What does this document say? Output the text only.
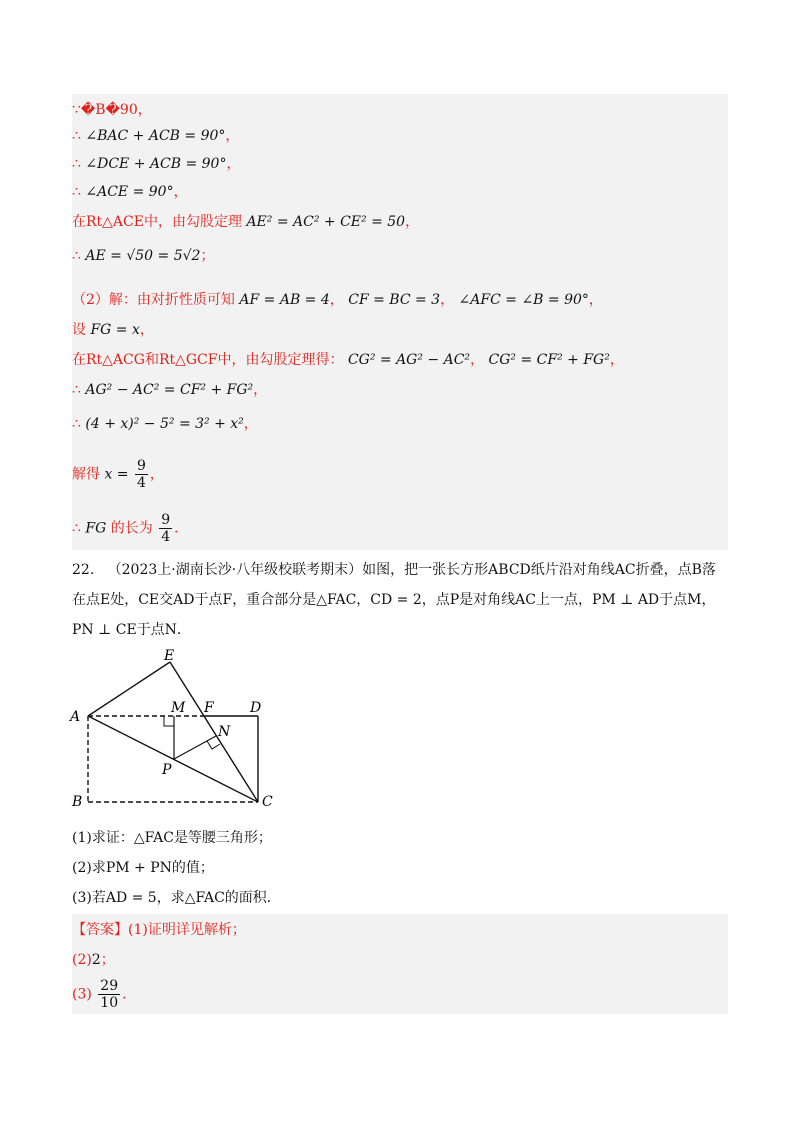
∵�B�90，
∴ ∠BAC + ACB = 90°，
∴ ∠DCE + ACB = 90°，
∴ ∠ACE = 90°，
在Rt△ACE中，由勾股定理 AE² = AC² + CE² = 50，
∴ AE = √50 = 5√2；
（2）解：由对折性质可知 AF = AB = 4， CF = BC = 3， ∠AFC = ∠B = 90°，
设 FG = x，
在Rt△ACG和Rt△GCF中，由勾股定理得： CG² = AG² − AC²， CG² = CF² + FG²，
∴ AG² − AC² = CF² + FG²，
∴ (4 + x)² − 5² = 3² + x²，
解得 $x = \frac{9}{4}$ ，
∴ FG 的长为 $\frac{9}{4}$ ．
22. （2023上·湖南长沙·八年级校联考期末）如图，把一张长方形ABCD纸片沿对角线AC折叠，点B落
在点E处，CE交AD于点F，重合部分是△FAC，CD = 2，点P是对角线AC上一点，PM ⊥ AD于点M，
PN ⊥ CE于点N．
E
A
M F	D
N
P
B	C
(1)求证：△FAC是等腰三角形；
(2)求PM + PN的值；
(3)若AD = 5，求△FAC的面积．
【答案】(1)证明详见解析；
(2)2；
$(3) \frac{29}{10}$ ．
